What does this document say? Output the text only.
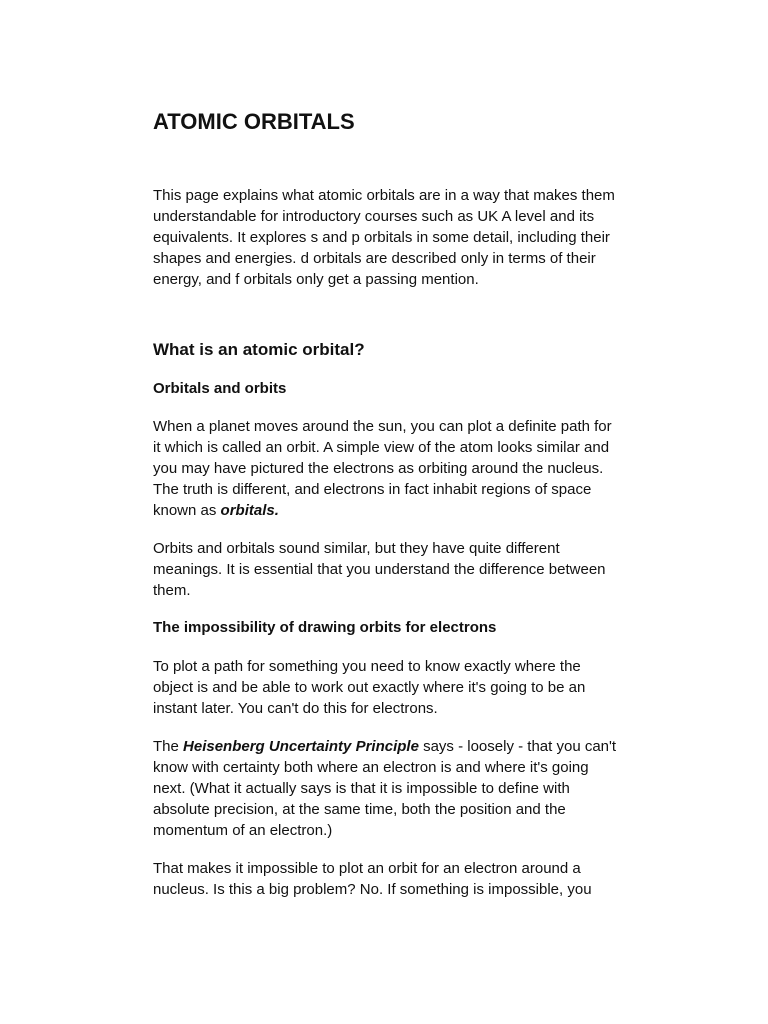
ATOMIC ORBITALS

This page explains what atomic orbitals are in a way that makes them understandable for introductory courses such as UK A level and its equivalents. It explores s and p orbitals in some detail, including their shapes and energies. d orbitals are described only in terms of their energy, and f orbitals only get a passing mention.

What is an atomic orbital?
Orbitals and orbits

When a planet moves around the sun, you can plot a definite path for it which is called an orbit. A simple view of the atom looks similar and you may have pictured the electrons as orbiting around the nucleus. The truth is different, and electrons in fact inhabit regions of space known as orbitals.

Orbits and orbitals sound similar, but they have quite different meanings. It is essential that you understand the difference between them.

The impossibility of drawing orbits for electrons

To plot a path for something you need to know exactly where the object is and be able to work out exactly where it's going to be an instant later. You can't do this for electrons.

The Heisenberg Uncertainty Principle says - loosely - that you can't know with certainty both where an electron is and where it's going next. (What it actually says is that it is impossible to define with absolute precision, at the same time, both the position and the momentum of an electron.)

That makes it impossible to plot an orbit for an electron around a nucleus. Is this a big problem? No. If something is impossible, you
